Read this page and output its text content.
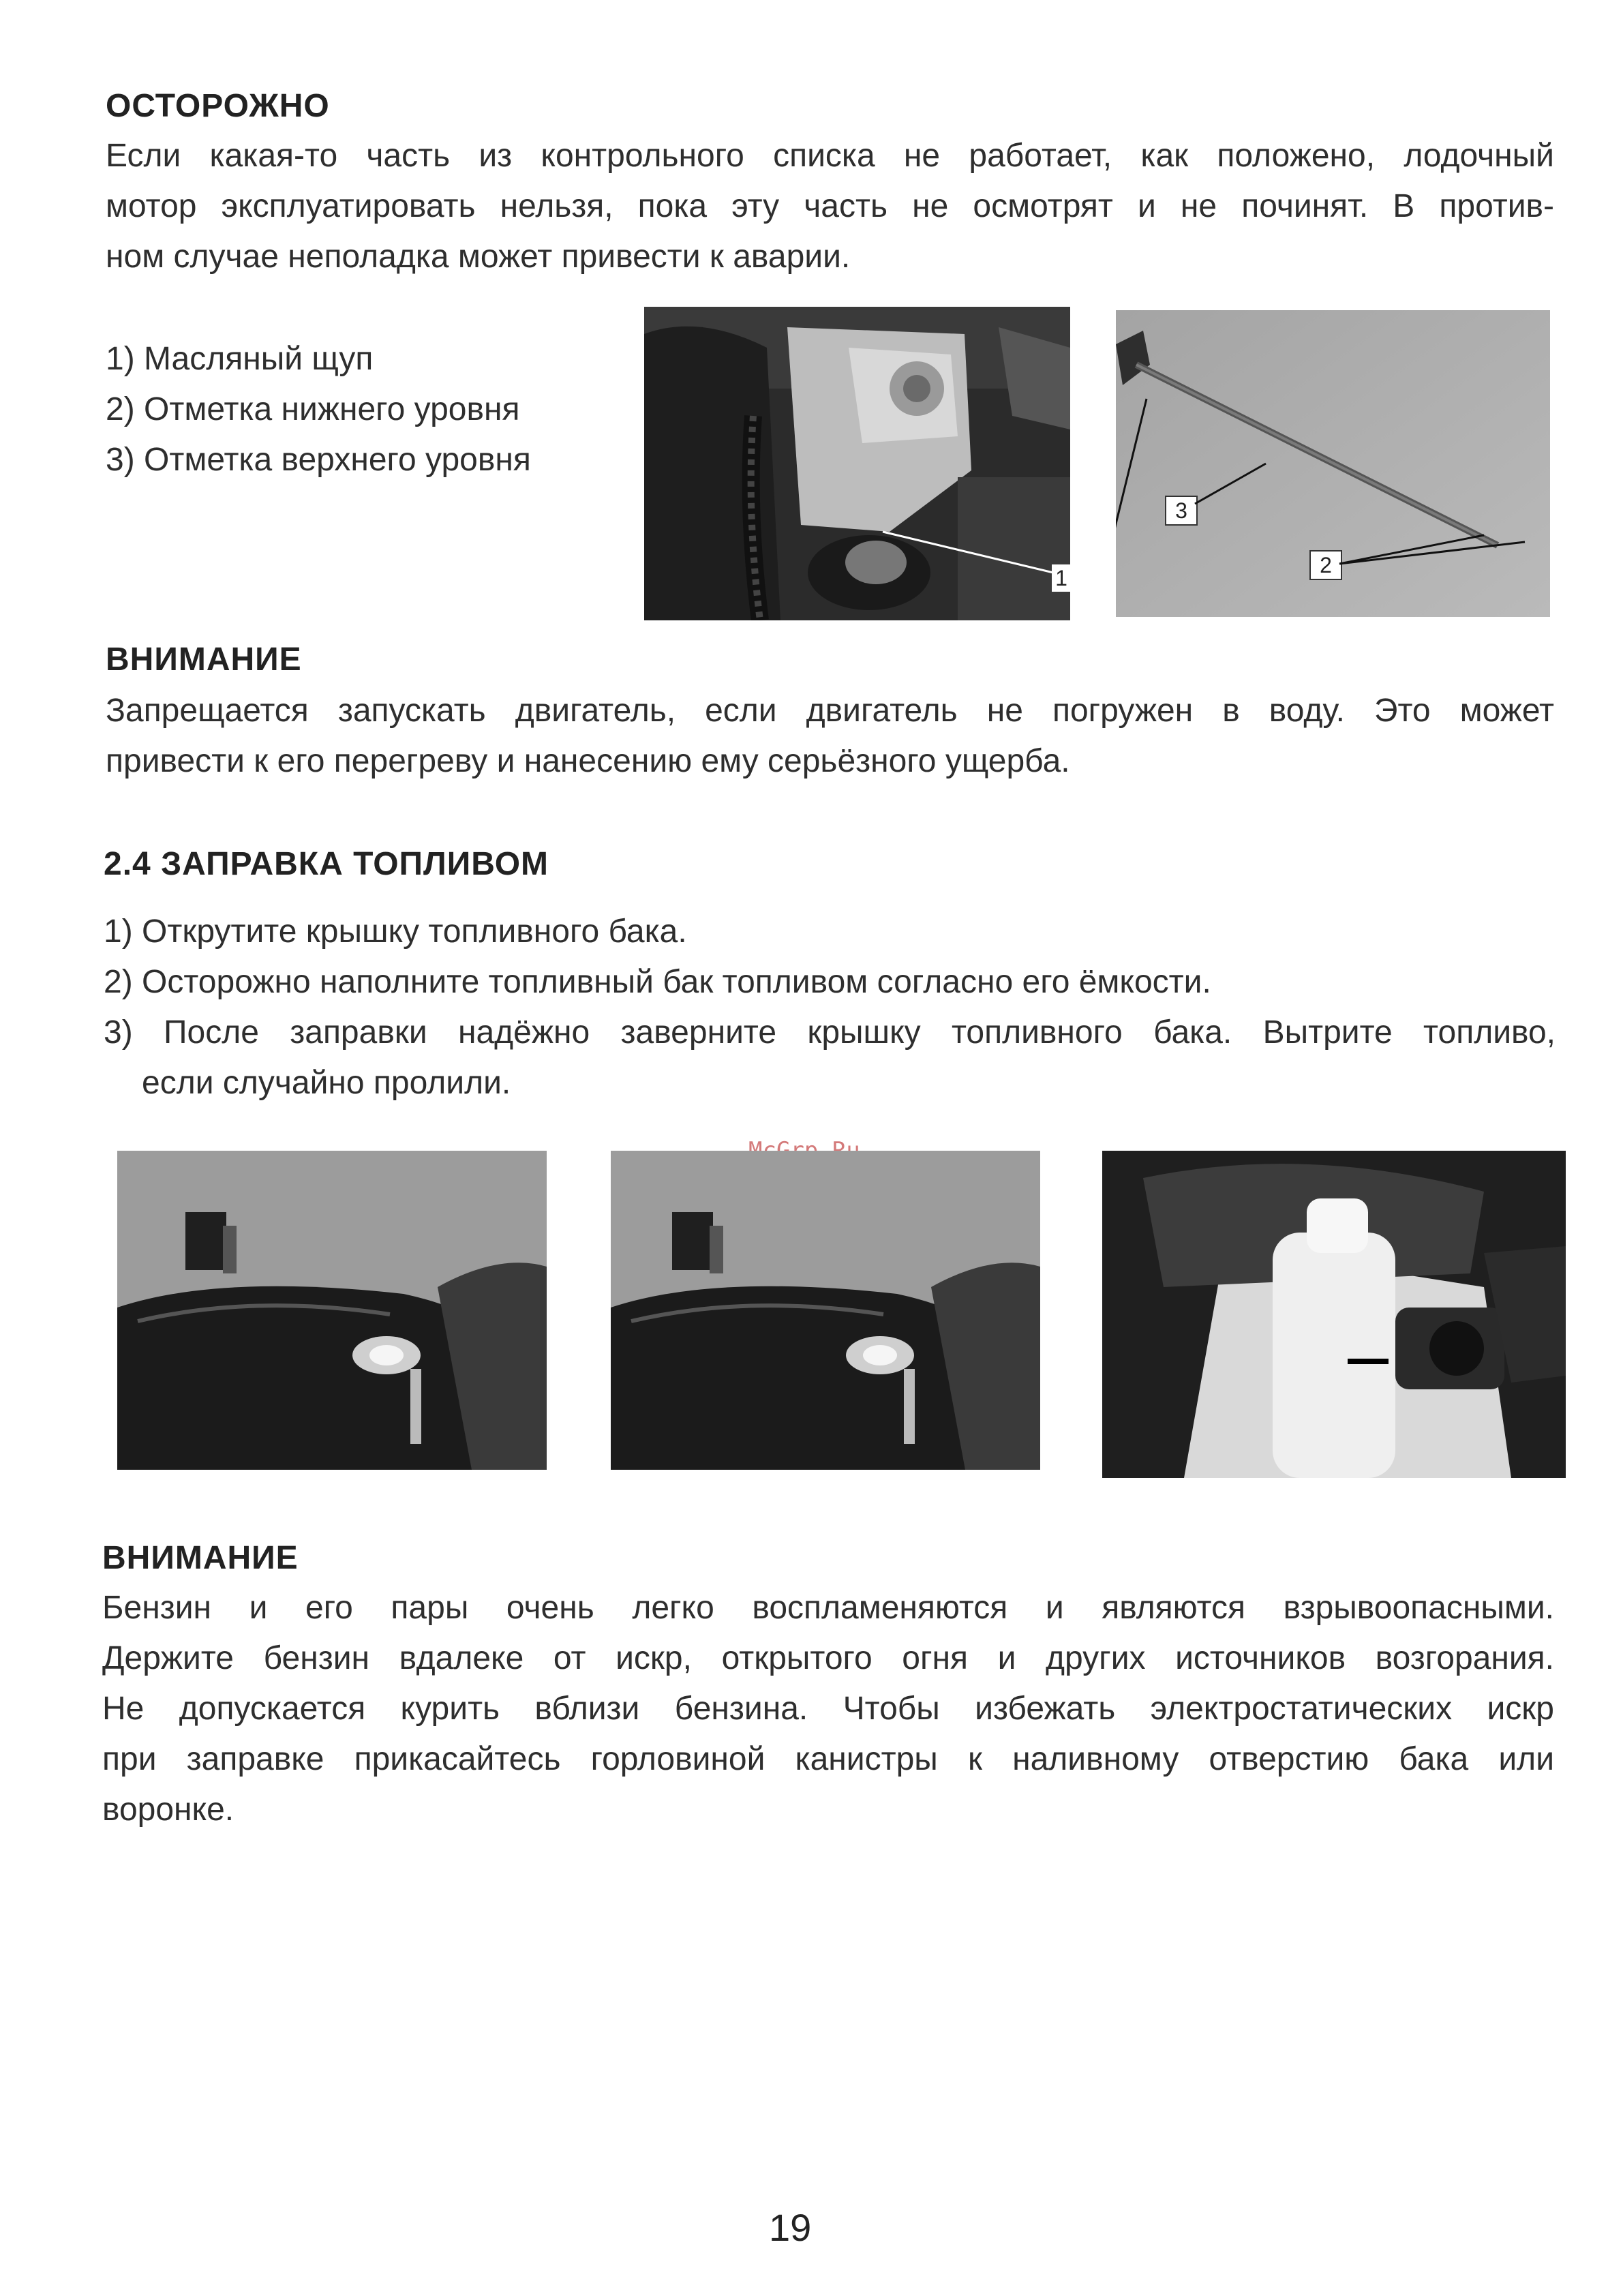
ОСТОРОЖНО
Если какая-то часть из контрольного списка не работает, как положено, лодочный
мотор эксплуатировать нельзя, пока эту часть не осмотрят и не починят. В против-
ном случае неполадка может привести к аварии.
1) Масляный щуп
2) Отметка нижнего уровня
3) Отметка верхнего уровня
1
3
2
ВНИМАНИЕ
Запрещается запускать двигатель, если двигатель не погружен в воду. Это может
привести к его перегреву и нанесению ему серьёзного ущерба.
2.4 ЗАПРАВКА ТОПЛИВОМ
1) Открутите крышку топливного бака.
2) Осторожно наполните топливный бак топливом согласно его ёмкости.
3) После заправки надёжно заверните крышку топливного бака. Вытрите топливо,
если случайно пролили.
ВНИМАНИЕ
Бензин и его пары очень легко воспламеняются и являются взрывоопасными.
Держите бензин вдалеке от искр, открытого огня и других источников возгорания.
Не допускается курить вблизи бензина. Чтобы избежать электростатических искр
при заправке прикасайтесь горловиной канистры к наливному отверстию бака или
воронке.
19
